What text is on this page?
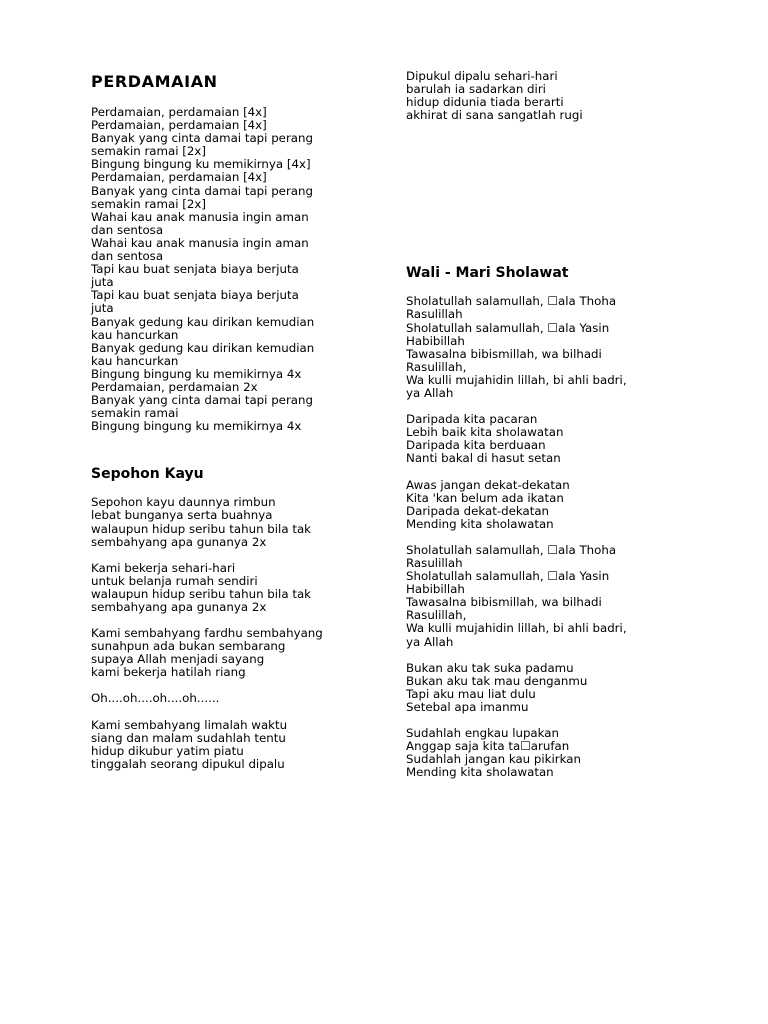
PERDAMAIAN
Perdamaian, perdamaian [4x]
Perdamaian, perdamaian [4x]
Banyak yang cinta damai tapi perang
semakin ramai [2x]
Bingung bingung ku memikirnya [4x]
Perdamaian, perdamaian [4x]
Banyak yang cinta damai tapi perang
semakin ramai [2x]
Wahai kau anak manusia ingin aman
dan sentosa
Wahai kau anak manusia ingin aman
dan sentosa
Tapi kau buat senjata biaya berjuta
juta
Tapi kau buat senjata biaya berjuta
juta
Banyak gedung kau dirikan kemudian
kau hancurkan
Banyak gedung kau dirikan kemudian
kau hancurkan
Bingung bingung ku memikirnya 4x
Perdamaian, perdamaian 2x
Banyak yang cinta damai tapi perang
semakin ramai
Bingung bingung ku memikirnya 4x
Sepohon Kayu
Sepohon kayu daunnya rimbun
lebat bunganya serta buahnya
walaupun hidup seribu tahun bila tak
sembahyang apa gunanya 2x
Kami bekerja sehari-hari
untuk belanja rumah sendiri
walaupun hidup seribu tahun bila tak
sembahyang apa gunanya 2x
Kami sembahyang fardhu sembahyang
sunahpun ada bukan sembarang
supaya Allah menjadi sayang
kami bekerja hatilah riang
Oh....oh....oh....oh......
Kami sembahyang limalah waktu
siang dan malam sudahlah tentu
hidup dikubur yatim piatu
tinggalah seorang dipukul dipalu
Dipukul dipalu sehari-hari
barulah ia sadarkan diri
hidup didunia tiada berarti
akhirat di sana sangatlah rugi
Wali - Mari Sholawat
Sholatullah salamullah, ☐ala Thoha
Rasulillah
Sholatullah salamullah, ☐ala Yasin
Habibillah
Tawasalna bibismillah, wa bilhadi
Rasulillah,
Wa kulli mujahidin lillah, bi ahli badri,
ya Allah
Daripada kita pacaran
Lebih baik kita sholawatan
Daripada kita berduaan
Nanti bakal di hasut setan
Awas jangan dekat-dekatan
Kita 'kan belum ada ikatan
Daripada dekat-dekatan
Mending kita sholawatan
Sholatullah salamullah, ☐ala Thoha
Rasulillah
Sholatullah salamullah, ☐ala Yasin
Habibillah
Tawasalna bibismillah, wa bilhadi
Rasulillah,
Wa kulli mujahidin lillah, bi ahli badri,
ya Allah
Bukan aku tak suka padamu
Bukan aku tak mau denganmu
Tapi aku mau liat dulu
Setebal apa imanmu
Sudahlah engkau lupakan
Anggap saja kita ta☐arufan
Sudahlah jangan kau pikirkan
Mending kita sholawatan
